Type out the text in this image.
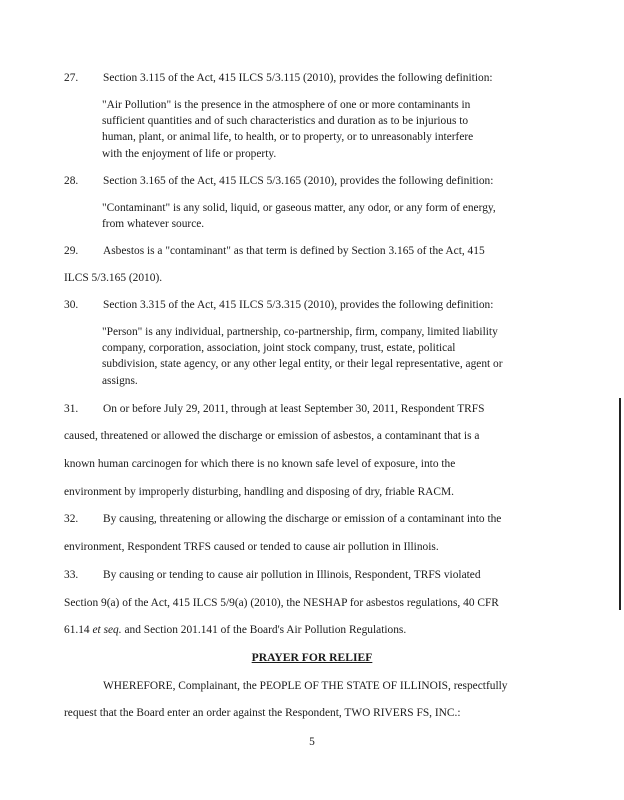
27. Section 3.115 of the Act, 415 ILCS 5/3.115 (2010), provides the following definition:
"Air Pollution" is the presence in the atmosphere of one or more contaminants in
sufficient quantities and of such characteristics and duration as to be injurious to
human, plant, or animal life, to health, or to property, or to unreasonably interfere
with the enjoyment of life or property.
28. Section 3.165 of the Act, 415 ILCS 5/3.165 (2010), provides the following definition:
"Contaminant" is any solid, liquid, or gaseous matter, any odor, or any form of energy,
from whatever source.
29. Asbestos is a "contaminant" as that term is defined by Section 3.165 of the Act, 415
ILCS 5/3.165 (2010).
30. Section 3.315 of the Act, 415 ILCS 5/3.315 (2010), provides the following definition:
"Person" is any individual, partnership, co-partnership, firm, company, limited liability
company, corporation, association, joint stock company, trust, estate, political
subdivision, state agency, or any other legal entity, or their legal representative, agent or
assigns.
31. On or before July 29, 2011, through at least September 30, 2011, Respondent TRFS
caused, threatened or allowed the discharge or emission of asbestos, a contaminant that is a
known human carcinogen for which there is no known safe level of exposure, into the
environment by improperly disturbing, handling and disposing of dry, friable RACM.
32. By causing, threatening or allowing the discharge or emission of a contaminant into the
environment, Respondent TRFS caused or tended to cause air pollution in Illinois.
33. By causing or tending to cause air pollution in Illinois, Respondent, TRFS violated
Section 9(a) of the Act, 415 ILCS 5/9(a) (2010), the NESHAP for asbestos regulations, 40 CFR
61.14 et seq. and Section 201.141 of the Board's Air Pollution Regulations.
PRAYER FOR RELIEF
WHEREFORE, Complainant, the PEOPLE OF THE STATE OF ILLINOIS, respectfully
request that the Board enter an order against the Respondent, TWO RIVERS FS, INC.:
5
